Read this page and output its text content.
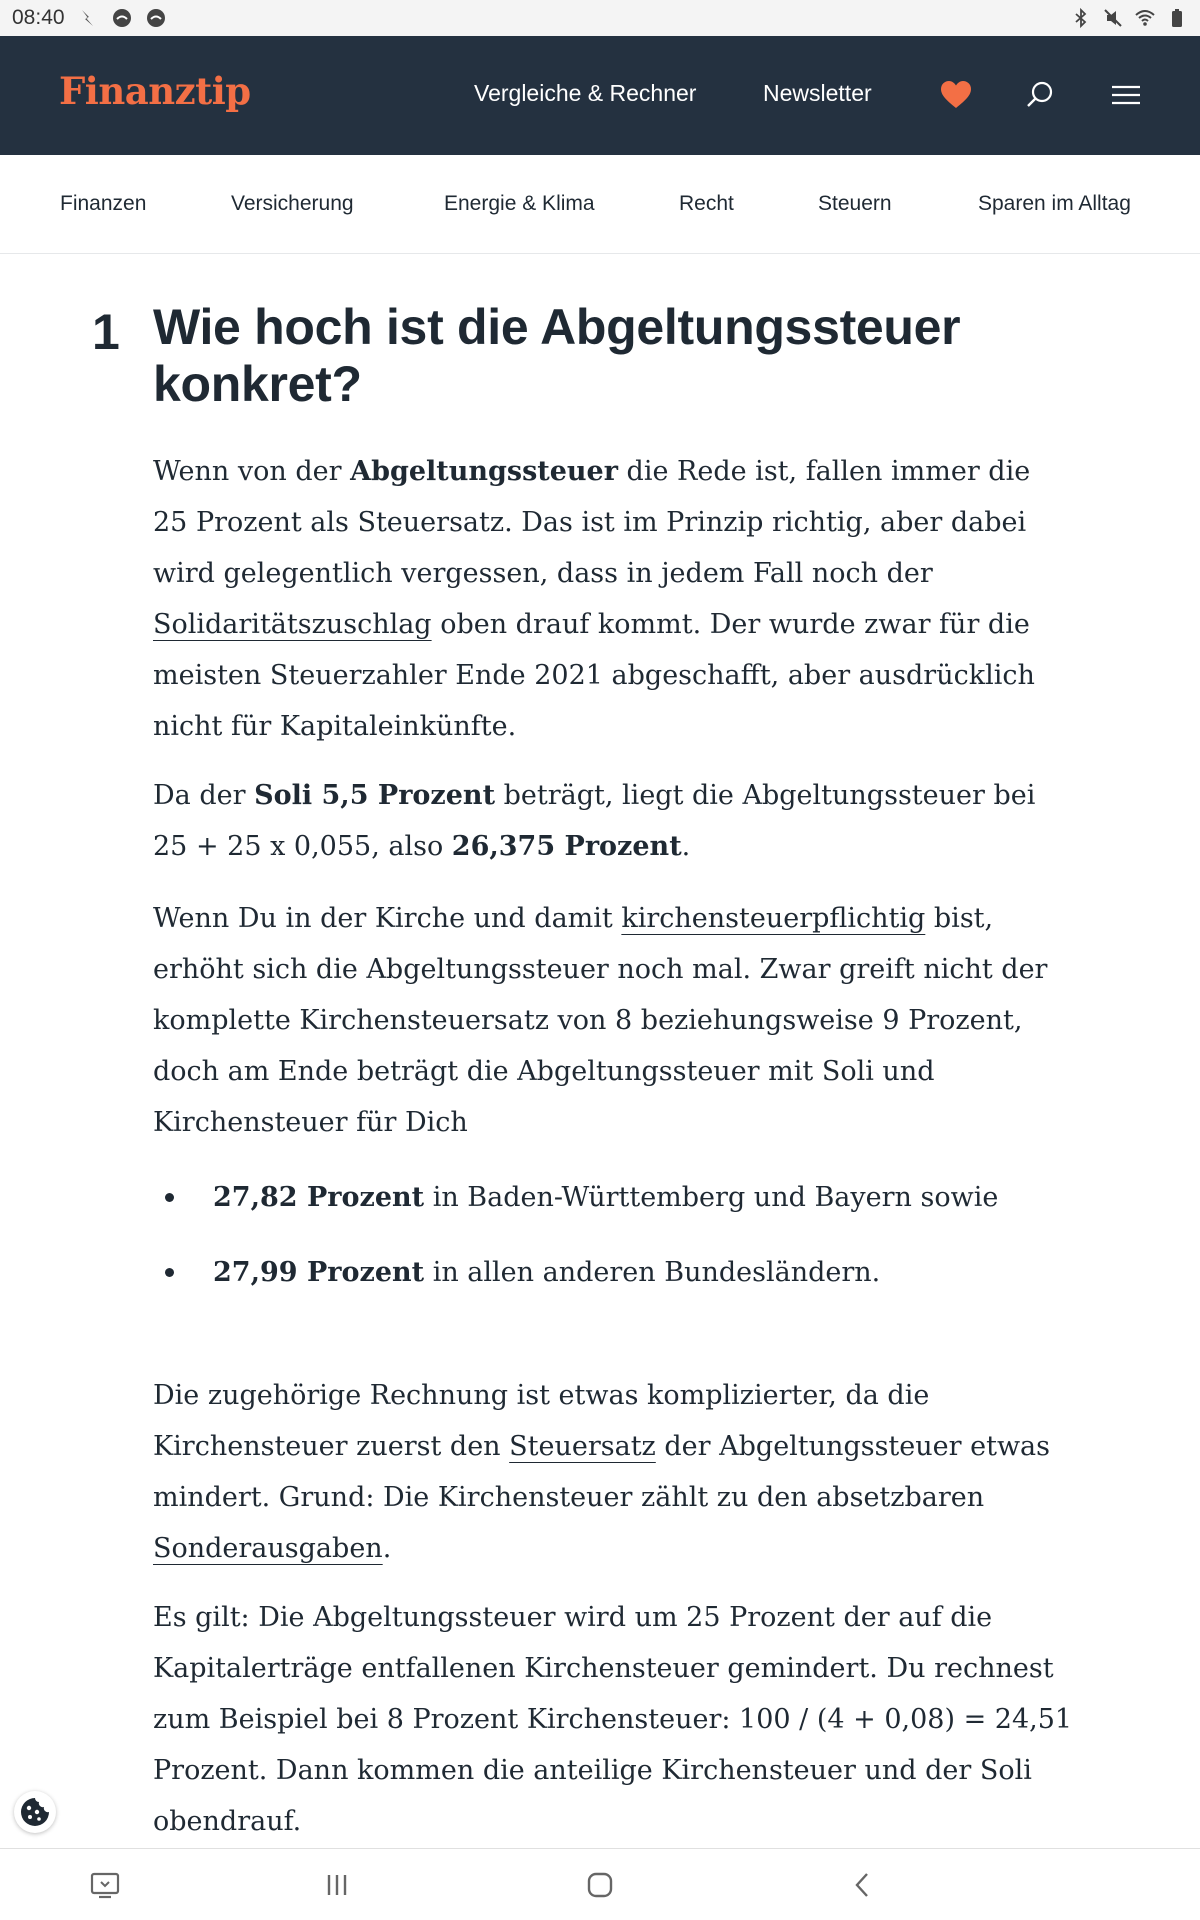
08:40
Finanztip	Vergleiche & Rechner	Newsletter
Finanzen	Versicherung	Energie & Klima	Recht	Steuern	Sparen im Alltag
1 Wie hoch ist die Abgeltungssteuer konkret?

Wenn von der Abgeltungssteuer die Rede ist, fallen immer die 25 Prozent als Steuersatz. Das ist im Prinzip richtig, aber dabei wird gelegentlich vergessen, dass in jedem Fall noch der Solidaritätszuschlag oben drauf kommt. Der wurde zwar für die meisten Steuerzahler Ende 2021 abgeschafft, aber ausdrücklich nicht für Kapitaleinkünfte.

Da der Soli 5,5 Prozent beträgt, liegt die Abgeltungssteuer bei 25 + 25 x 0,055, also 26,375 Prozent.

Wenn Du in der Kirche und damit kirchensteuerpflichtig bist, erhöht sich die Abgeltungssteuer noch mal. Zwar greift nicht der komplette Kirchensteuersatz von 8 beziehungsweise 9 Prozent, doch am Ende beträgt die Abgeltungssteuer mit Soli und Kirchensteuer für Dich

27,82 Prozent in Baden-Württemberg und Bayern sowie
27,99 Prozent in allen anderen Bundesländern.

Die zugehörige Rechnung ist etwas komplizierter, da die Kirchensteuer zuerst den Steuersatz der Abgeltungssteuer etwas mindert. Grund: Die Kirchensteuer zählt zu den absetzbaren Sonderausgaben.

Es gilt: Die Abgeltungssteuer wird um 25 Prozent der auf die Kapitalerträge entfallenen Kirchensteuer gemindert. Du rechnest zum Beispiel bei 8 Prozent Kirchensteuer: 100 / (4 + 0,08) = 24,51 Prozent. Dann kommen die anteilige Kirchensteuer und der Soli obendrauf.
